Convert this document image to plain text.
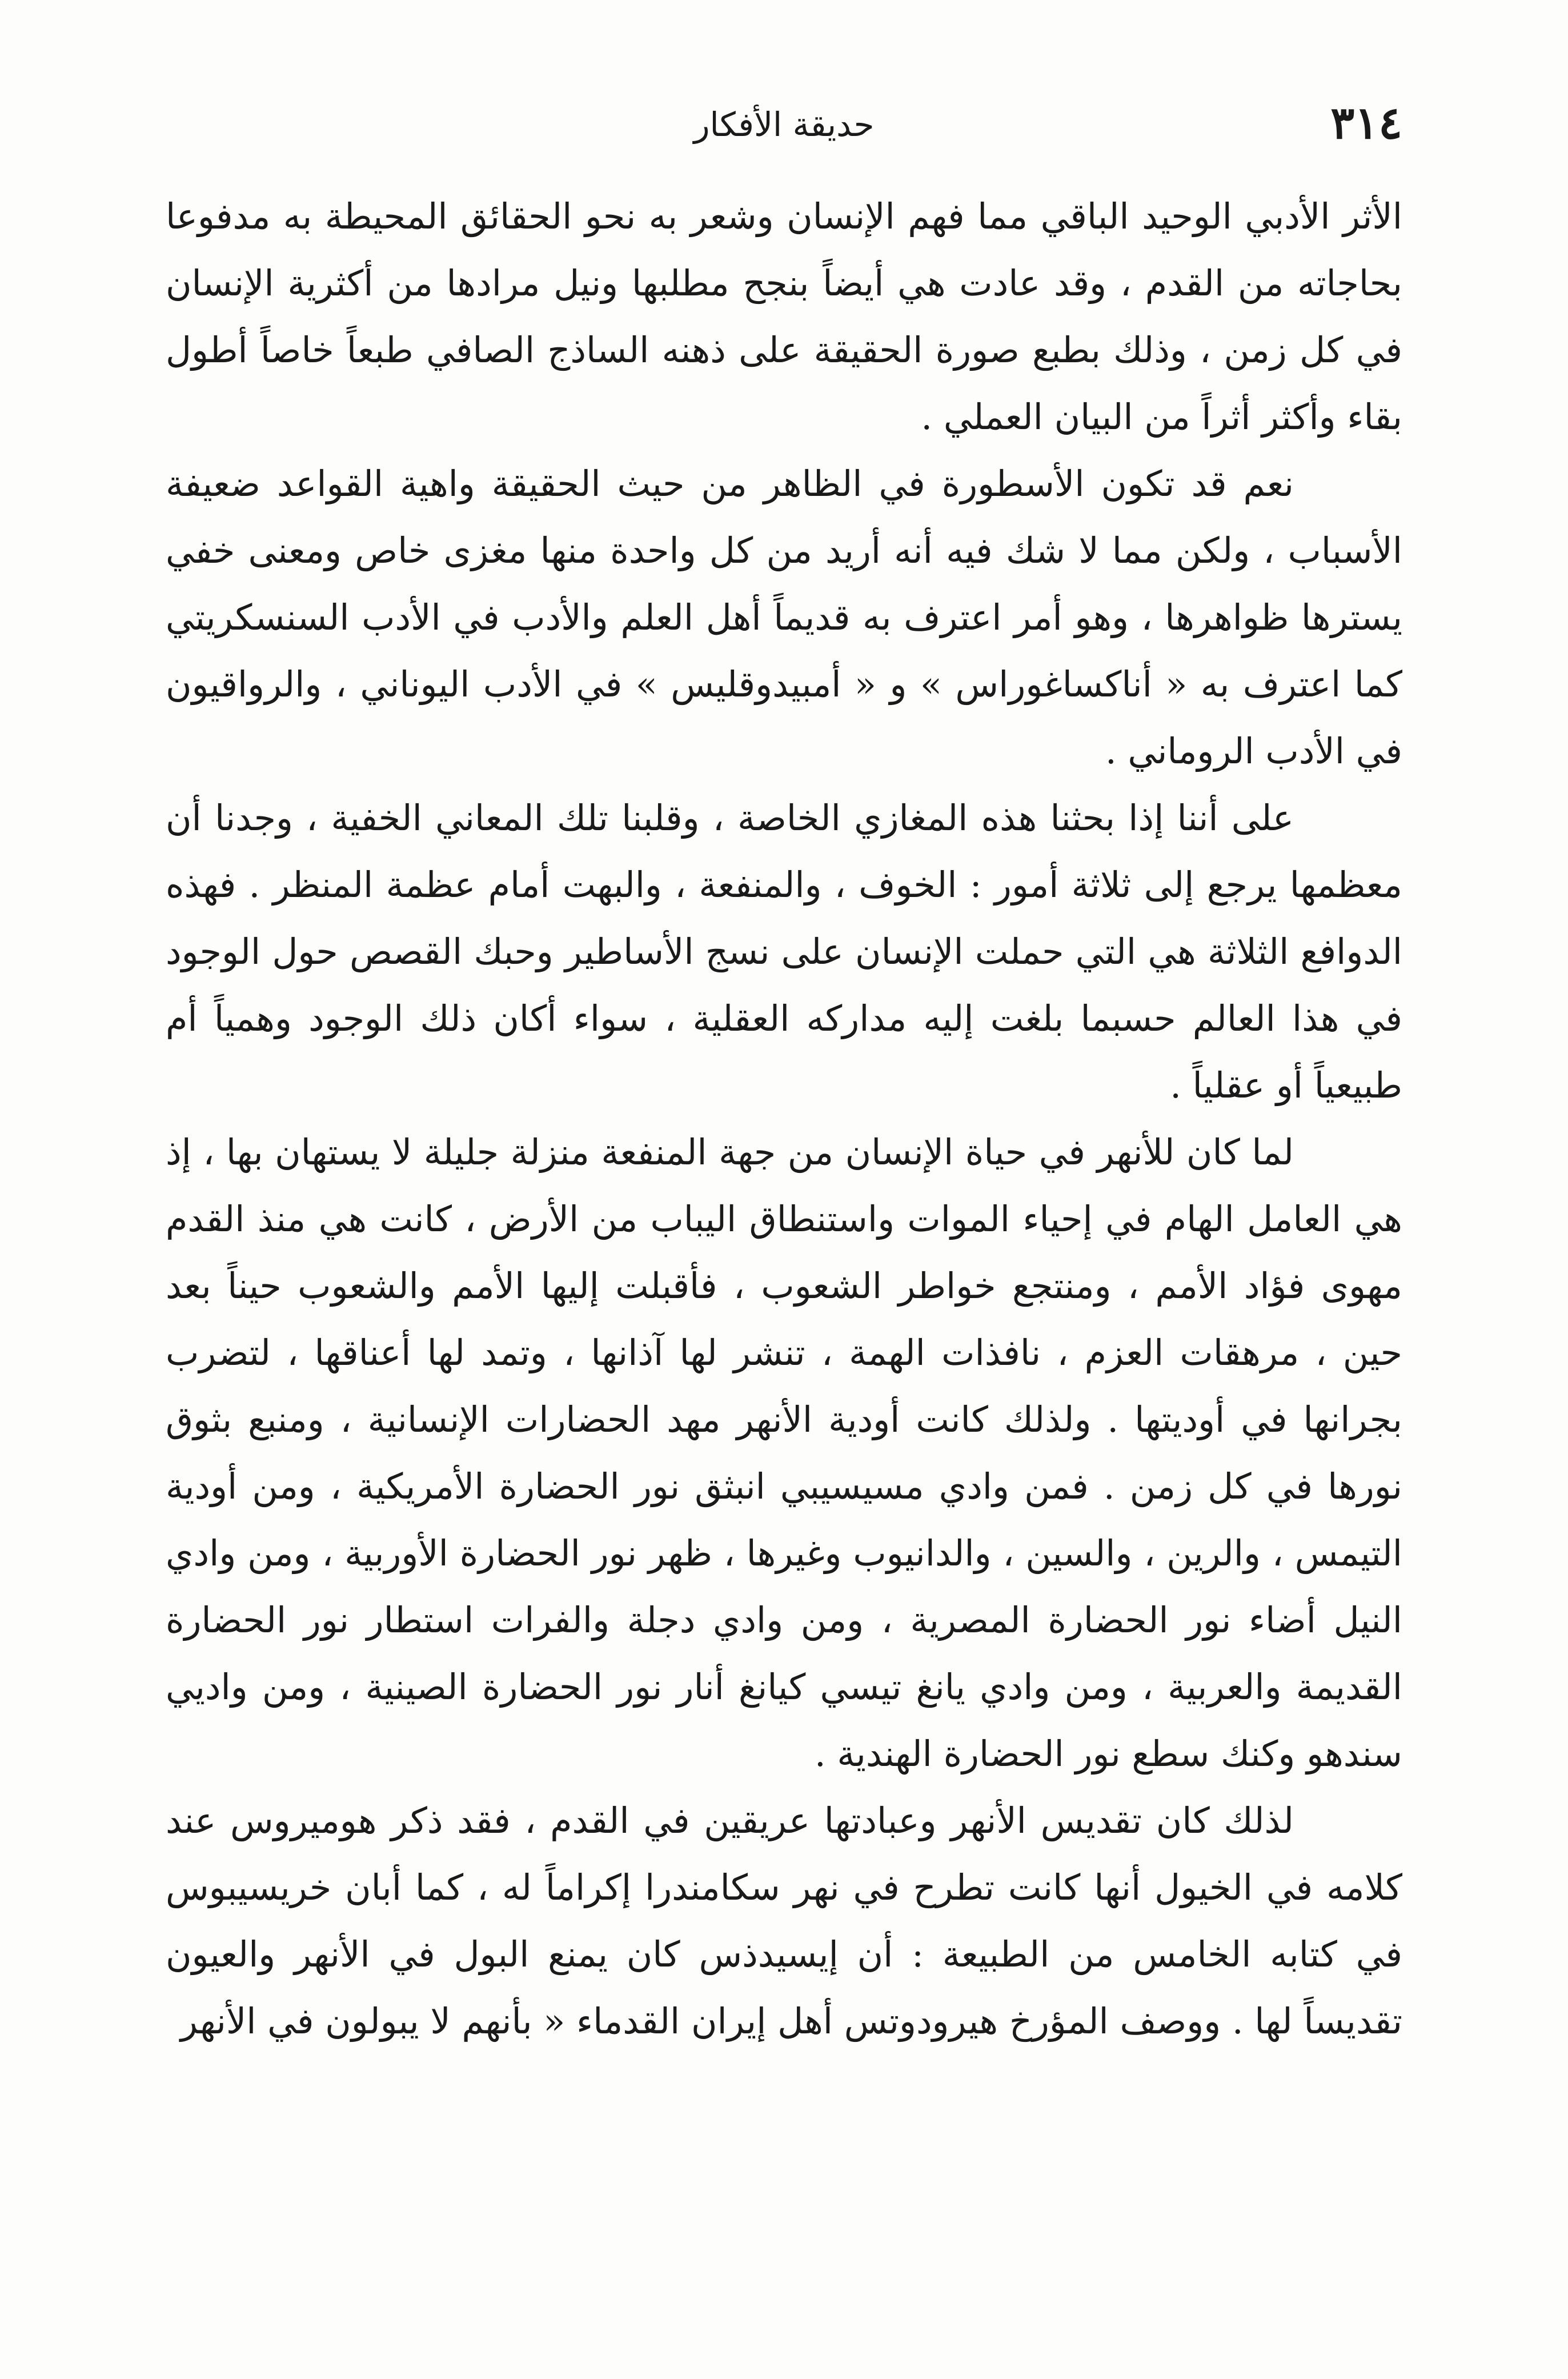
٣١٤
حديقة الأفكار

الأثر الأدبي الوحيد الباقي مما فهم الإنسان وشعر به نحو الحقائق المحيطة به مدفوعا بحاجاته من القدم ، وقد عادت هي أيضاً بنجح مطلبها ونيل مرادها من أكثرية الإنسان في كل زمن ، وذلك بطبع صورة الحقيقة على ذهنه الساذج الصافي طبعاً خاصاً أطول بقاء وأكثر أثراً من البيان العملي .

نعم قد تكون الأسطورة في الظاهر من حيث الحقيقة واهية القواعد ضعيفة الأسباب ، ولكن مما لا شك فيه أنه أريد من كل واحدة منها مغزى خاص ومعنى خفي يسترها ظواهرها ، وهو أمر اعترف به قديماً أهل العلم والأدب في الأدب السنسكريتي كما اعترف به « أناكساغوراس » و « أمبيدوقليس » في الأدب اليوناني ، والرواقيون في الأدب الروماني .

على أننا إذا بحثنا هذه المغازي الخاصة ، وقلبنا تلك المعاني الخفية ، وجدنا أن معظمها يرجع إلى ثلاثة أمور : الخوف ، والمنفعة ، والبهت أمام عظمة المنظر . فهذه الدوافع الثلاثة هي التي حملت الإنسان على نسج الأساطير وحبك القصص حول الوجود في هذا العالم حسبما بلغت إليه مداركه العقلية ، سواء أكان ذلك الوجود وهمياً أم طبيعياً أو عقلياً .

لما كان للأنهر في حياة الإنسان من جهة المنفعة منزلة جليلة لا يستهان بها ، إذ هي العامل الهام في إحياء الموات واستنطاق اليباب من الأرض ، كانت هي منذ القدم مهوى فؤاد الأمم ، ومنتجع خواطر الشعوب ، فأقبلت إليها الأمم والشعوب حيناً بعد حين ، مرهقات العزم ، نافذات الهمة ، تنشر لها آذانها ، وتمد لها أعناقها ، لتضرب بجرانها في أوديتها . ولذلك كانت أودية الأنهر مهد الحضارات الإنسانية ، ومنبع بثوق نورها في كل زمن . فمن وادي مسيسيبي انبثق نور الحضارة الأمريكية ، ومن أودية التيمس ، والرين ، والسين ، والدانيوب وغيرها ، ظهر نور الحضارة الأوربية ، ومن وادي النيل أضاء نور الحضارة المصرية ، ومن وادي دجلة والفرات استطار نور الحضارة القديمة والعربية ، ومن وادي يانغ تيسي كيانغ أنار نور الحضارة الصينية ، ومن واديي سندهو وكنك سطع نور الحضارة الهندية .

لذلك كان تقديس الأنهر وعبادتها عريقين في القدم ، فقد ذكر هوميروس عند كلامه في الخيول أنها كانت تطرح في نهر سكامندرا إكراماً له ، كما أبان خريسيبوس في كتابه الخامس من الطبيعة : أن إيسيدذس كان يمنع البول في الأنهر والعيون تقديساً لها . ووصف المؤرخ هيرودوتس أهل إيران القدماء « بأنهم لا يبولون في الأنهر
